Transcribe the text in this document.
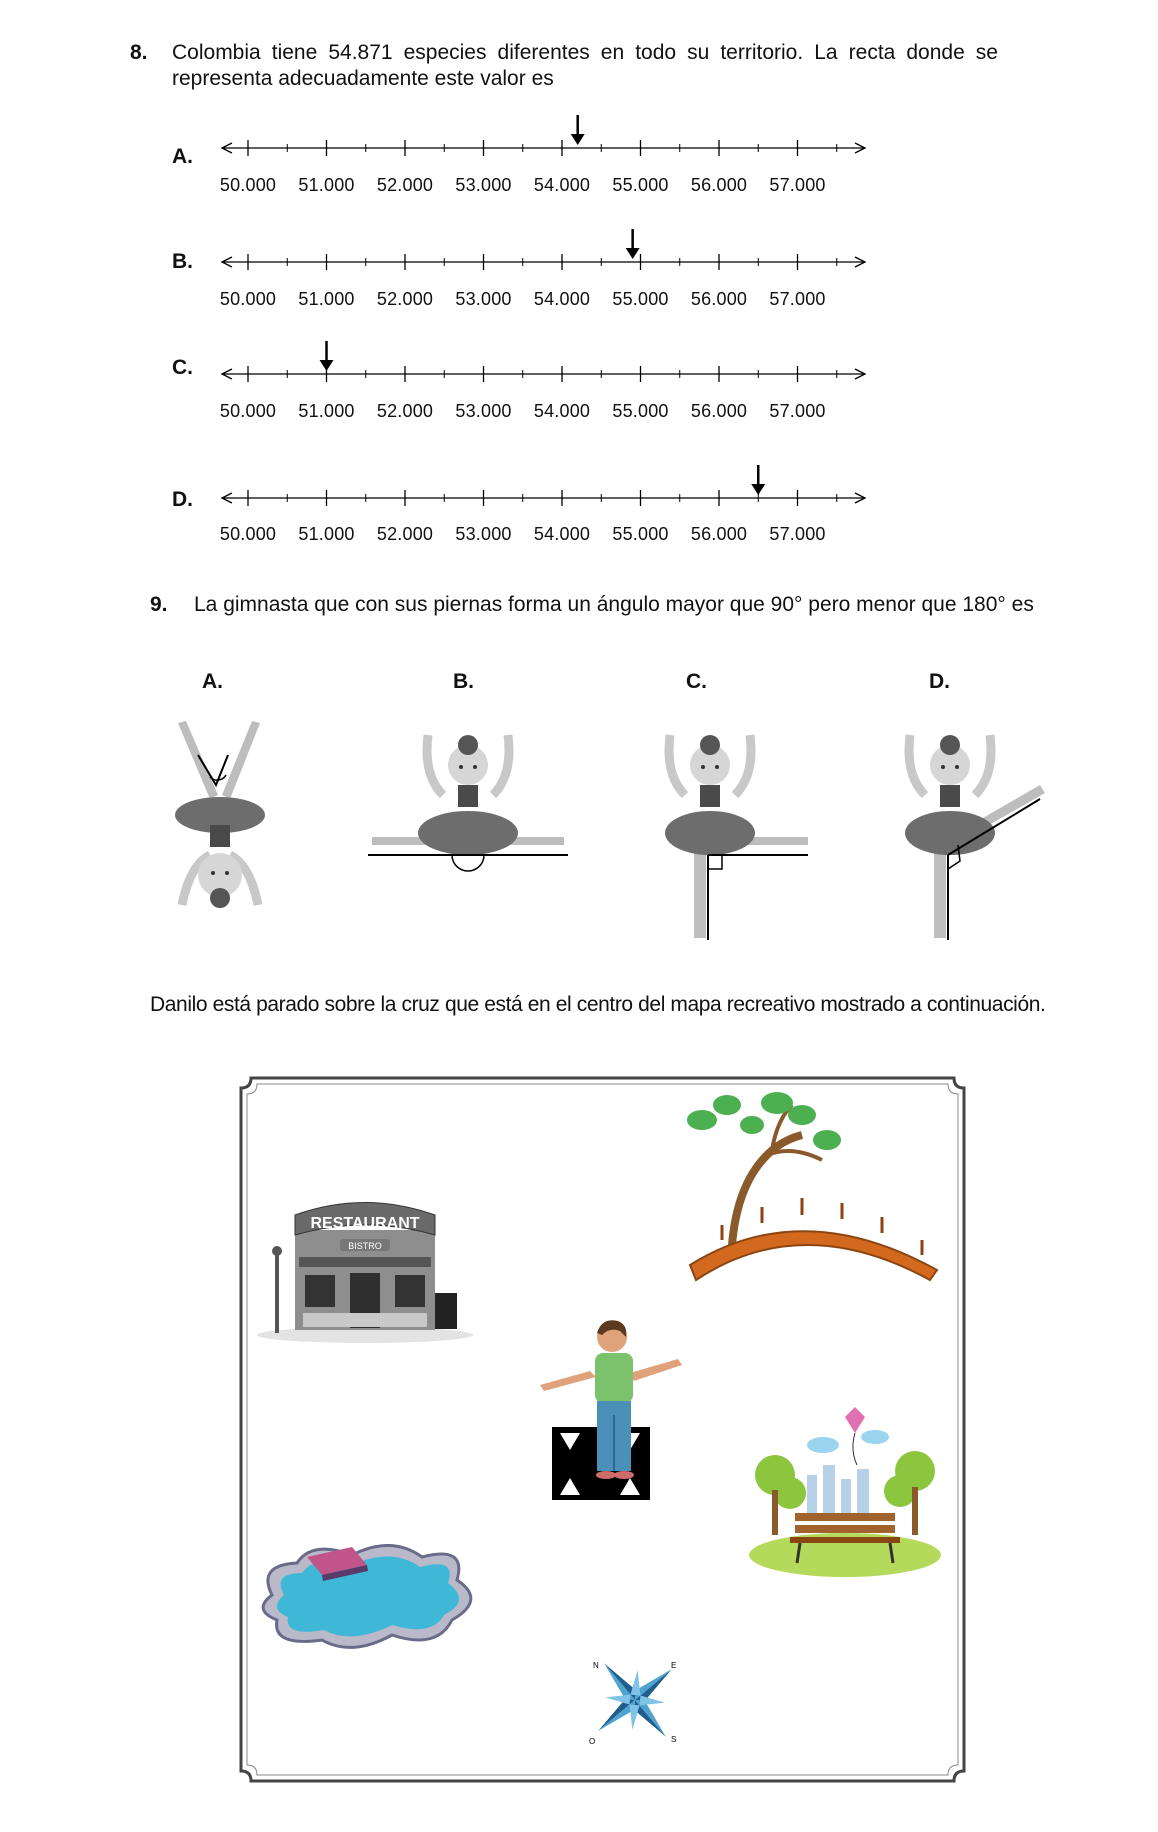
8. Colombia tiene 54.871 especies diferentes en todo su territorio. La recta donde se representa adecuadamente este valor es
A.
50.000 51.000 52.000 53.000 54.000 55.000 56.000 57.000
B.
50.000 51.000 52.000 53.000 54.000 55.000 56.000 57.000
C.
50.000 51.000 52.000 53.000 54.000 55.000 56.000 57.000
D.
50.000 51.000 52.000 53.000 54.000 55.000 56.000 57.000
9. La gimnasta que con sus piernas forma un ángulo mayor que 90° pero menor que 180° es
A.	B.	C.	D.
Danilo está parado sobre la cruz que está en el centro del mapa recreativo mostrado a continuación.
RESTAURANT
BISTRO
N	E
S
O
